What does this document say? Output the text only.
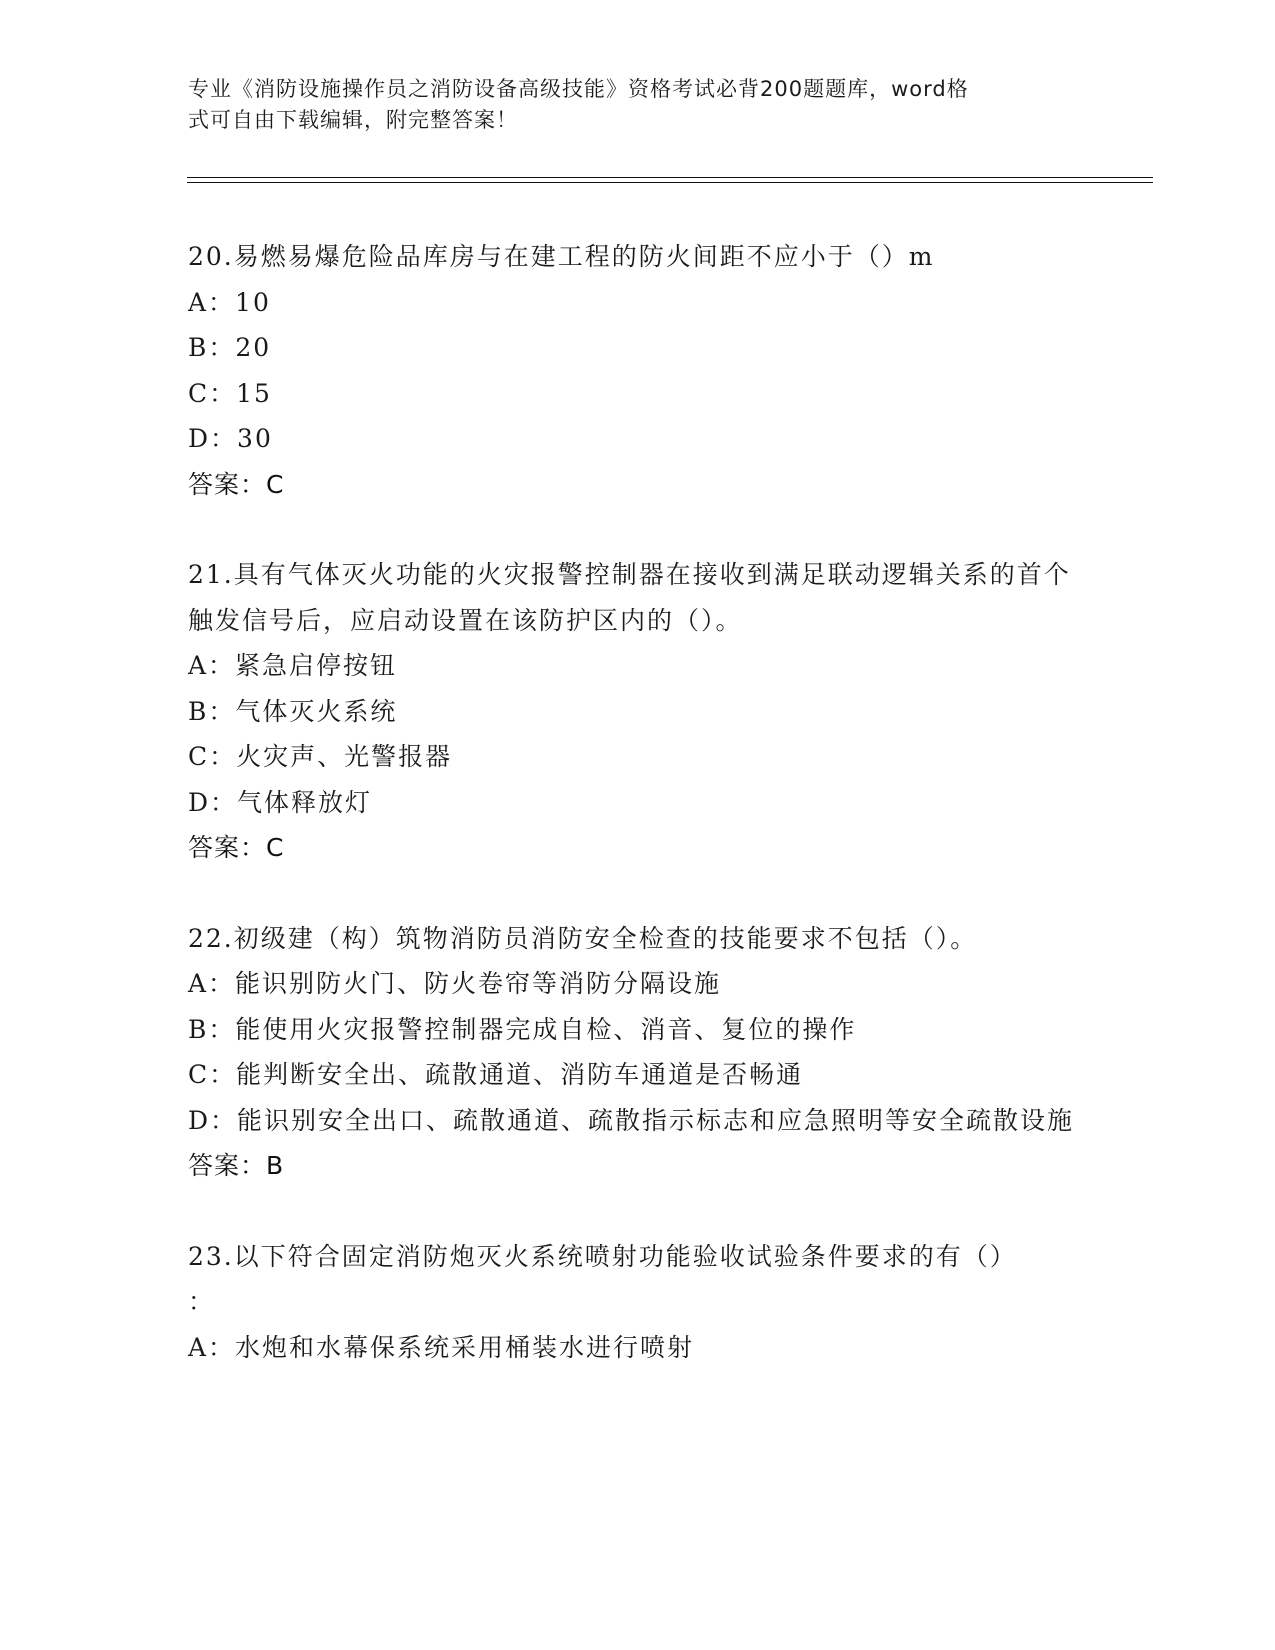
专业《消防设施操作员之消防设备高级技能》资格考试必背200题题库，word格
式可自由下载编辑，附完整答案！
20.易燃易爆危险品库房与在建工程的防火间距不应小于（）m
A：10
B：20
C：15
D：30
答案：C
21.具有气体灭火功能的火灾报警控制器在接收到满足联动逻辑关系的首个触发信号后，应启动设置在该防护区内的（）。
A：紧急启停按钮
B：气体灭火系统
C：火灾声、光警报器
D：气体释放灯
答案：C
22.初级建（构）筑物消防员消防安全检查的技能要求不包括（）。
A：能识别防火门、防火卷帘等消防分隔设施
B：能使用火灾报警控制器完成自检、消音、复位的操作
C：能判断安全出、疏散通道、消防车通道是否畅通
D：能识别安全出口、疏散通道、疏散指示标志和应急照明等安全疏散设施
答案：B
23.以下符合固定消防炮灭火系统喷射功能验收试验条件要求的有（）
：
A：水炮和水幕保系统采用桶装水进行喷射
